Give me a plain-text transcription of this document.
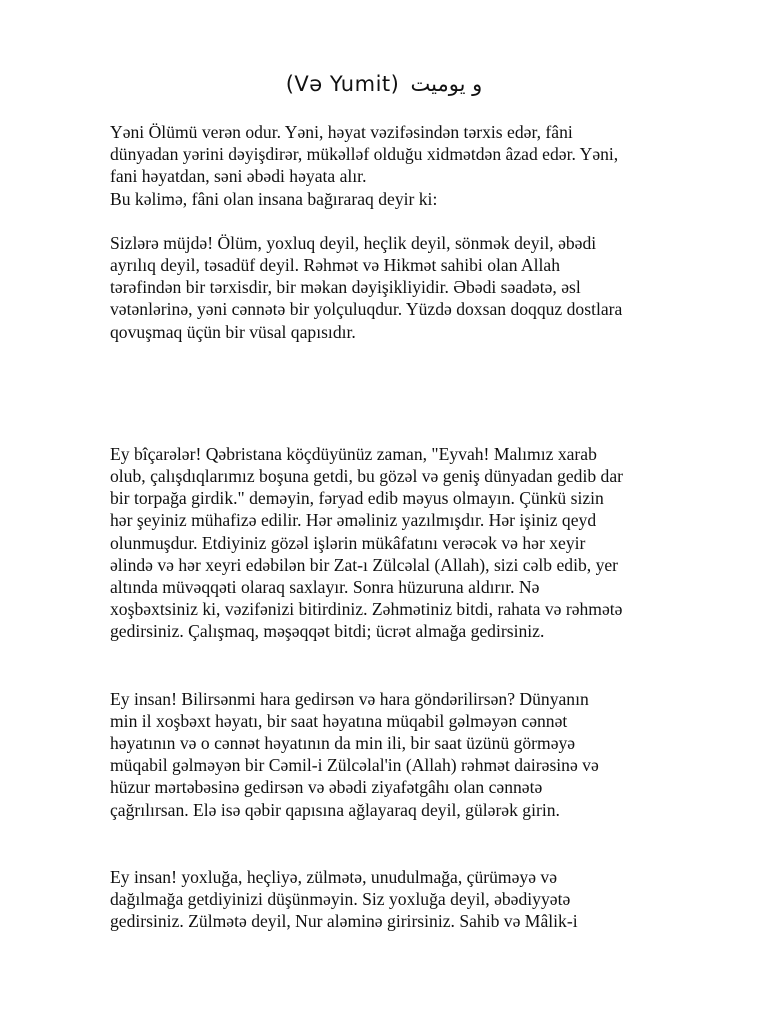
(Və Yumit) و يوميت

Yəni Ölümü verən odur. Yəni, həyat vəzifəsindən tərxis edər, fâni
dünyadan yərini dəyişdirər, mükəlləf olduğu xidmətdən âzad edər. Yəni,
fani həyatdan, səni əbədi həyata alır.

Bu kəlimə, fâni olan insana bağıraraq deyir ki:

Sizlərə müjdə! Ölüm, yoxluq deyil, heçlik deyil, sönmək deyil, əbədi
ayrılıq deyil, təsadüf deyil. Rəhmət və Hikmət sahibi olan Allah
tərəfindən bir tərxisdir, bir məkan dəyişikliyidir. Əbədi səadətə, əsl
vətənlərinə, yəni cənnətə bir yolçuluqdur. Yüzdə doxsan doqquz dostlara
qovuşmaq üçün bir vüsal qapısıdır.

Ey bîçarələr! Qəbristana köçdüyünüz zaman, "Eyvah! Malımız xarab
olub, çalışdıqlarımız boşuna getdi, bu gözəl və geniş dünyadan gedib dar
bir torpağa girdik." deməyin, fəryad edib məyus olmayın. Çünkü sizin
hər şeyiniz mühafizə edilir. Hər əməliniz yazılmışdır. Hər işiniz qeyd
olunmuşdur. Etdiyiniz gözəl işlərin mükâfatını verəcək və hər xeyir
əlində və hər xeyri edəbilən bir Zat-ı Zülcəlal (Allah), sizi cəlb edib, yer
altında müvəqqəti olaraq saxlayır. Sonra hüzuruna aldırır. Nə
xoşbəxtsiniz ki, vəzifənizi bitirdiniz. Zəhmətiniz bitdi, rahata və rəhmətə
gedirsiniz. Çalışmaq, məşəqqət bitdi; ücrət almağa gedirsiniz.

Ey insan! Bilirsənmi hara gedirsən və hara göndərilirsən? Dünyanın
min il xoşbəxt həyatı, bir saat həyatına müqabil gəlməyən cənnət
həyatının və o cənnət həyatının da min ili, bir saat üzünü görməyə
müqabil gəlməyən bir Cəmil-i Zülcəlal'in (Allah) rəhmət dairəsinə və
hüzur mərtəbəsinə gedirsən və əbədi ziyafətgâhı olan cənnətə
çağrılırsan. Elə isə qəbir qapısına ağlayaraq deyil, gülərək girin.

Ey insan! yoxluğa, heçliyə, zülmətə, unudulmağa, çürüməyə və
dağılmağa getdiyinizi düşünməyin. Siz yoxluğa deyil, əbədiyyətə
gedirsiniz. Zülmətə deyil, Nur aləminə girirsiniz. Sahib və Mâlik-i
